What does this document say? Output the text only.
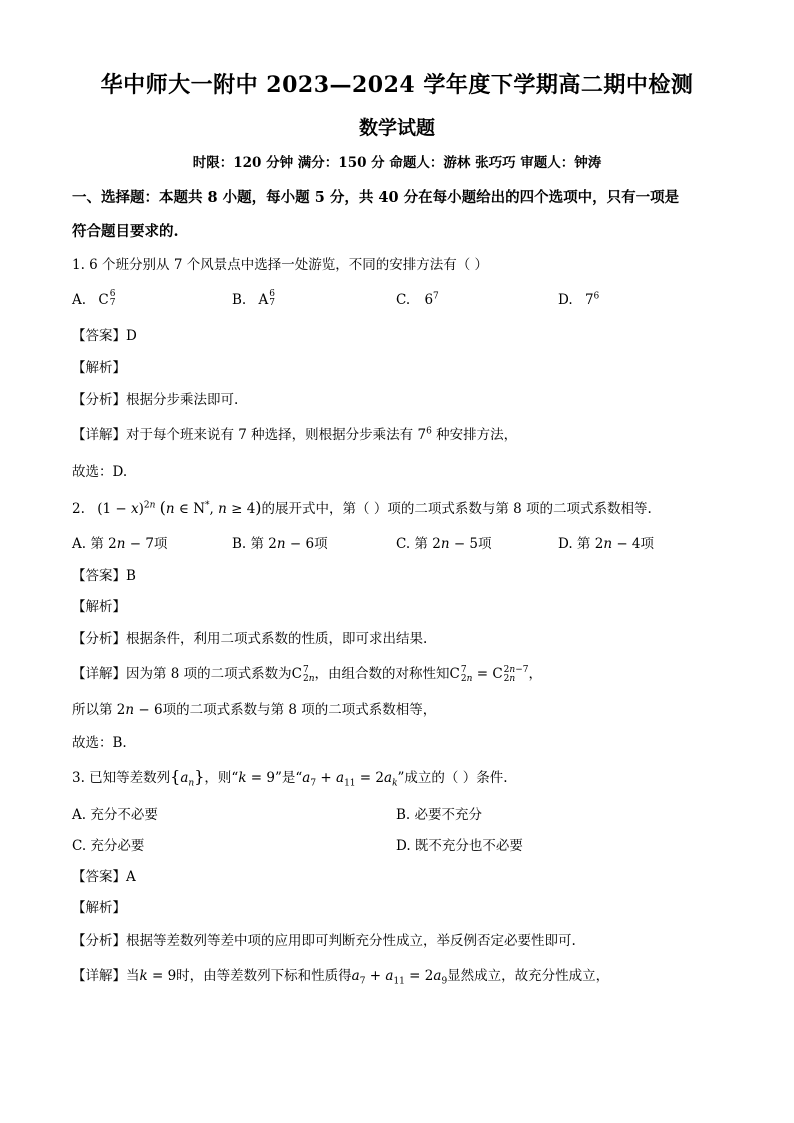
华中师大一附中 2023—2024 学年度下学期高二期中检测
数学试题
时限：120 分钟 满分：150 分 命题人：游林 张巧巧 审题人：钟涛
一、选择题：本题共 8 小题，每小题 5 分，共 40 分在每小题给出的四个选项中，只有一项是
符合题目要求的.
1. 6 个班分别从 7 个风景点中选择一处游览，不同的安排方法有（ ）
A. C 6
7	B. A 6
7	C. $6^7$	D. $7^6$
【答案】D
【解析】
【分析】根据分步乘法即可.
【详解】对于每个班来说有 7 种选择，则根据分步乘法有 $7^6$ 种安排方法，
故选：D.
2. $(1 - x)^{2n}$ (n ∈ N*, n ≥ 4)的展开式中，第（ ）项的二项式系数与第 8 项的二项式系数相等.
A. 第 2n − 7项	B. 第 2n − 6项	C. 第 2n − 5项	D. 第 2n − 4项
【答案】B
【解析】
【分析】根据条件，利用二项式系数的性质，即可求出结果.
【详解】因为第 8 项的二项式系数为C 7
2n ，由组合数的对称性知C 7
2n = C 2n−7
2n ，
所以第 2n − 6项的二项式系数与第 8 项的二项式系数相等，
故选：B.
3. 已知等差数列$\{a_n\}$，则“k = 9”是“$a_7 + a_{11} = 2a_k$”成立的（ ）条件.
A. 充分不必要	B. 必要不充分
C. 充分必要	D. 既不充分也不必要
【答案】A
【解析】
【分析】根据等差数列等差中项的应用即可判断充分性成立，举反例否定必要性即可.
【详解】当k = 9时，由等差数列下标和性质得$a_7 + a_{11} = 2a_9$显然成立，故充分性成立，
